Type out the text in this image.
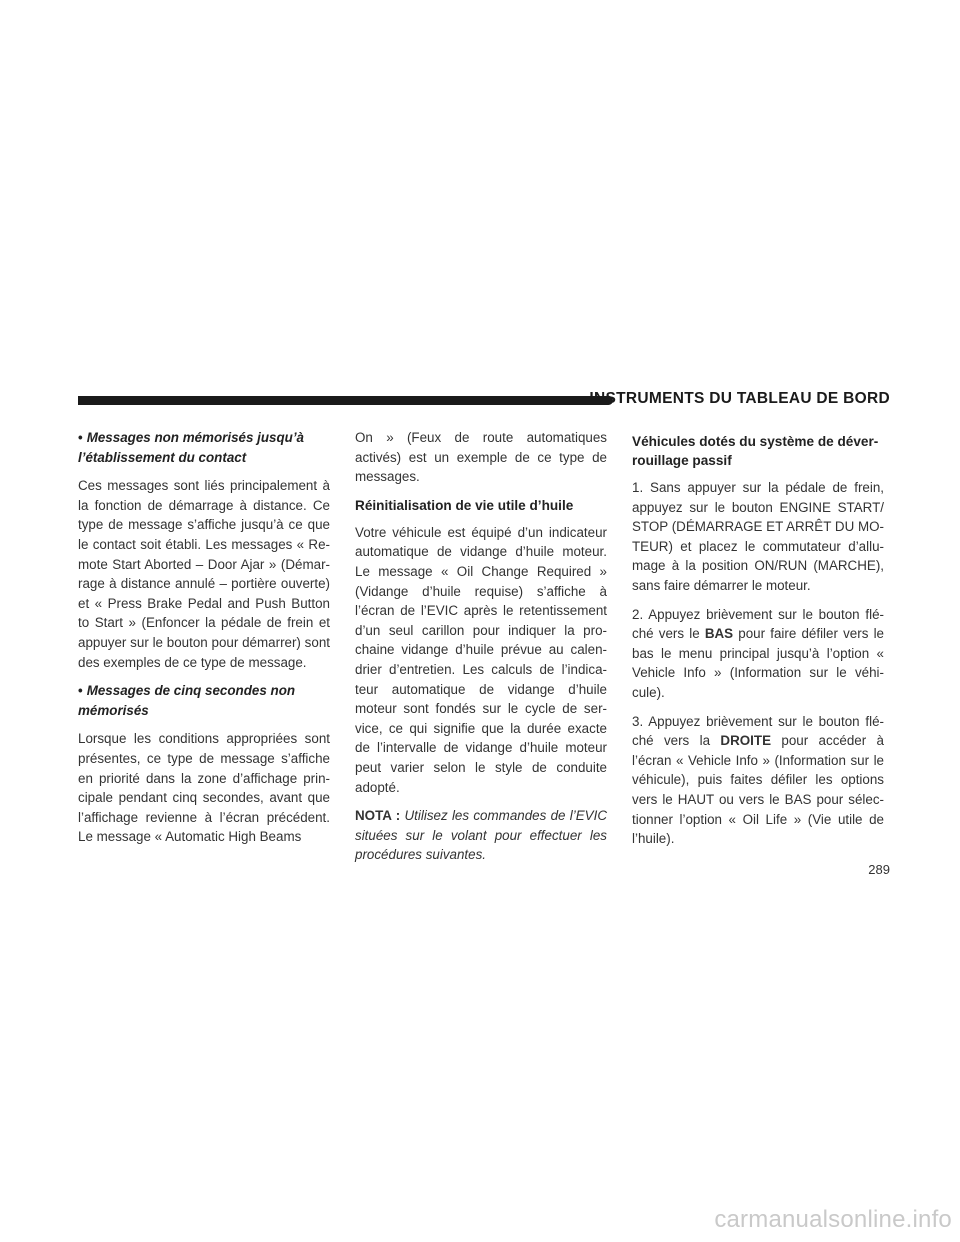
INSTRUMENTS DU TABLEAU DE BORD
• Messages non mémorisés jusqu’à l’établissement du contact

Ces messages sont liés principalement à la fonction de démarrage à distance. Ce type de message s’affiche jusqu’à ce que le contact soit établi. Les messages « Re-mote Start Aborted – Door Ajar » (Démar-rage à distance annulé – portière ouverte) et « Press Brake Pedal and Push Button to Start » (Enfoncer la pédale de frein et appuyer sur le bouton pour démarrer) sont des exemples de ce type de message.

• Messages de cinq secondes non mémorisés

Lorsque les conditions appropriées sont présentes, ce type de message s’affiche en priorité dans la zone d’affichage prin-cipale pendant cinq secondes, avant que l’affichage revienne à l’écran précédent. Le message « Automatic High Beams

On » (Feux de route automatiques activés) est un exemple de ce type de messages.

Réinitialisation de vie utile d’huile

Votre véhicule est équipé d’un indicateur automatique de vidange d’huile moteur. Le message « Oil Change Required » (Vidange d’huile requise) s’affiche à l’écran de l’EVIC après le retentissement d’un seul carillon pour indiquer la pro-chaine vidange d’huile prévue au calen-drier d’entretien. Les calculs de l’indica-teur automatique de vidange d’huile moteur sont fondés sur le cycle de ser-vice, ce qui signifie que la durée exacte de l’intervalle de vidange d’huile moteur peut varier selon le style de conduite adopté.

NOTA : Utilisez les commandes de l’EVIC situées sur le volant pour effectuer les procédures suivantes.

Véhicules dotés du système de déver-rouillage passif

1. Sans appuyer sur la pédale de frein, appuyez sur le bouton ENGINE START/ STOP (DÉMARRAGE ET ARRÊT DU MO-TEUR) et placez le commutateur d’allu-mage à la position ON/RUN (MARCHE), sans faire démarrer le moteur.

2. Appuyez brièvement sur le bouton flé-ché vers le BAS pour faire défiler vers le bas le menu principal jusqu’à l’option « Vehicle Info » (Information sur le véhi-cule).

3. Appuyez brièvement sur le bouton flé-ché vers la DROITE pour accéder à l’écran « Vehicle Info » (Information sur le véhicule), puis faites défiler les options vers le HAUT ou vers le BAS pour sélec-tionner l’option « Oil Life » (Vie utile de l’huile).

289
carmanualsonline.info
